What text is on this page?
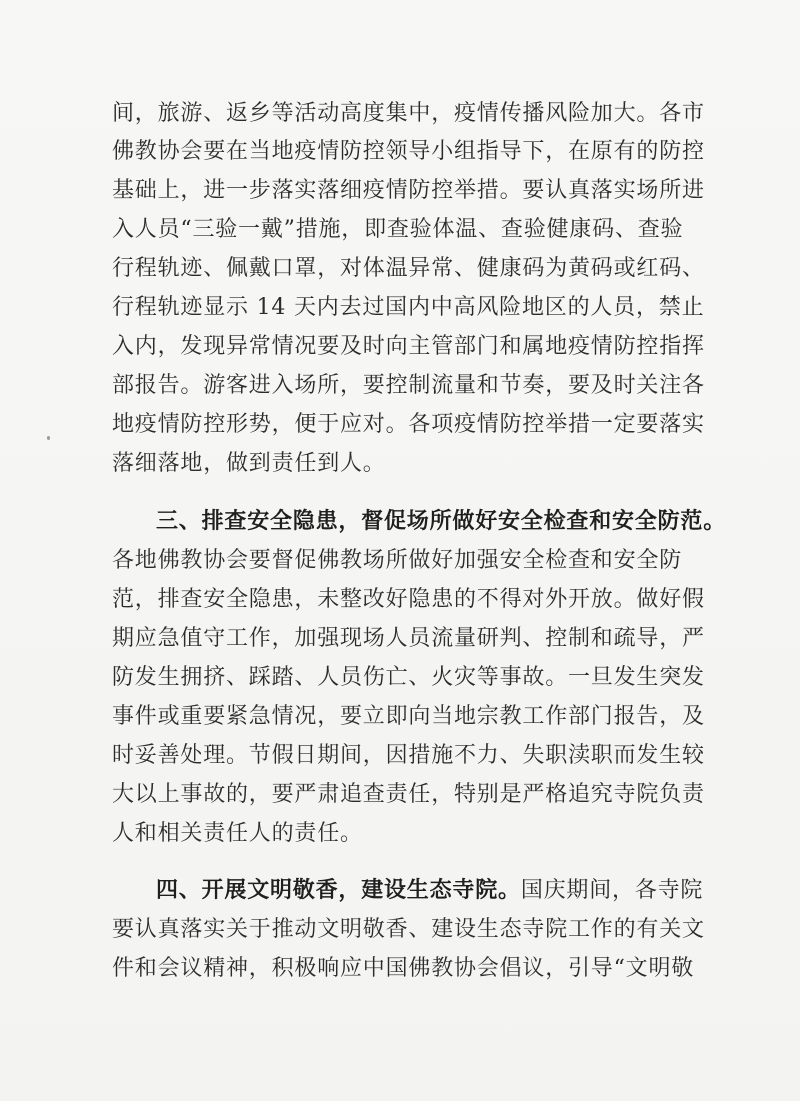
间，旅游、返乡等活动高度集中，疫情传播风险加大。各市
佛教协会要在当地疫情防控领导小组指导下，在原有的防控
基础上，进一步落实落细疫情防控举措。要认真落实场所进
入人员“三验一戴”措施，即查验体温、查验健康码、查验
行程轨迹、佩戴口罩，对体温异常、健康码为黄码或红码、
行程轨迹显示 14 天内去过国内中高风险地区的人员，禁止
入内，发现异常情况要及时向主管部门和属地疫情防控指挥
部报告。游客进入场所，要控制流量和节奏，要及时关注各
地疫情防控形势，便于应对。各项疫情防控举措一定要落实
落细落地，做到责任到人。
三、排查安全隐患，督促场所做好安全检查和安全防范。
各地佛教协会要督促佛教场所做好加强安全检查和安全防
范，排查安全隐患，未整改好隐患的不得对外开放。做好假
期应急值守工作，加强现场人员流量研判、控制和疏导，严
防发生拥挤、踩踏、人员伤亡、火灾等事故。一旦发生突发
事件或重要紧急情况，要立即向当地宗教工作部门报告，及
时妥善处理。节假日期间，因措施不力、失职渎职而发生较
大以上事故的，要严肃追查责任，特别是严格追究寺院负责
人和相关责任人的责任。
四、开展文明敬香，建设生态寺院。国庆期间，各寺院
要认真落实关于推动文明敬香、建设生态寺院工作的有关文
件和会议精神，积极响应中国佛教协会倡议，引导“文明敬
